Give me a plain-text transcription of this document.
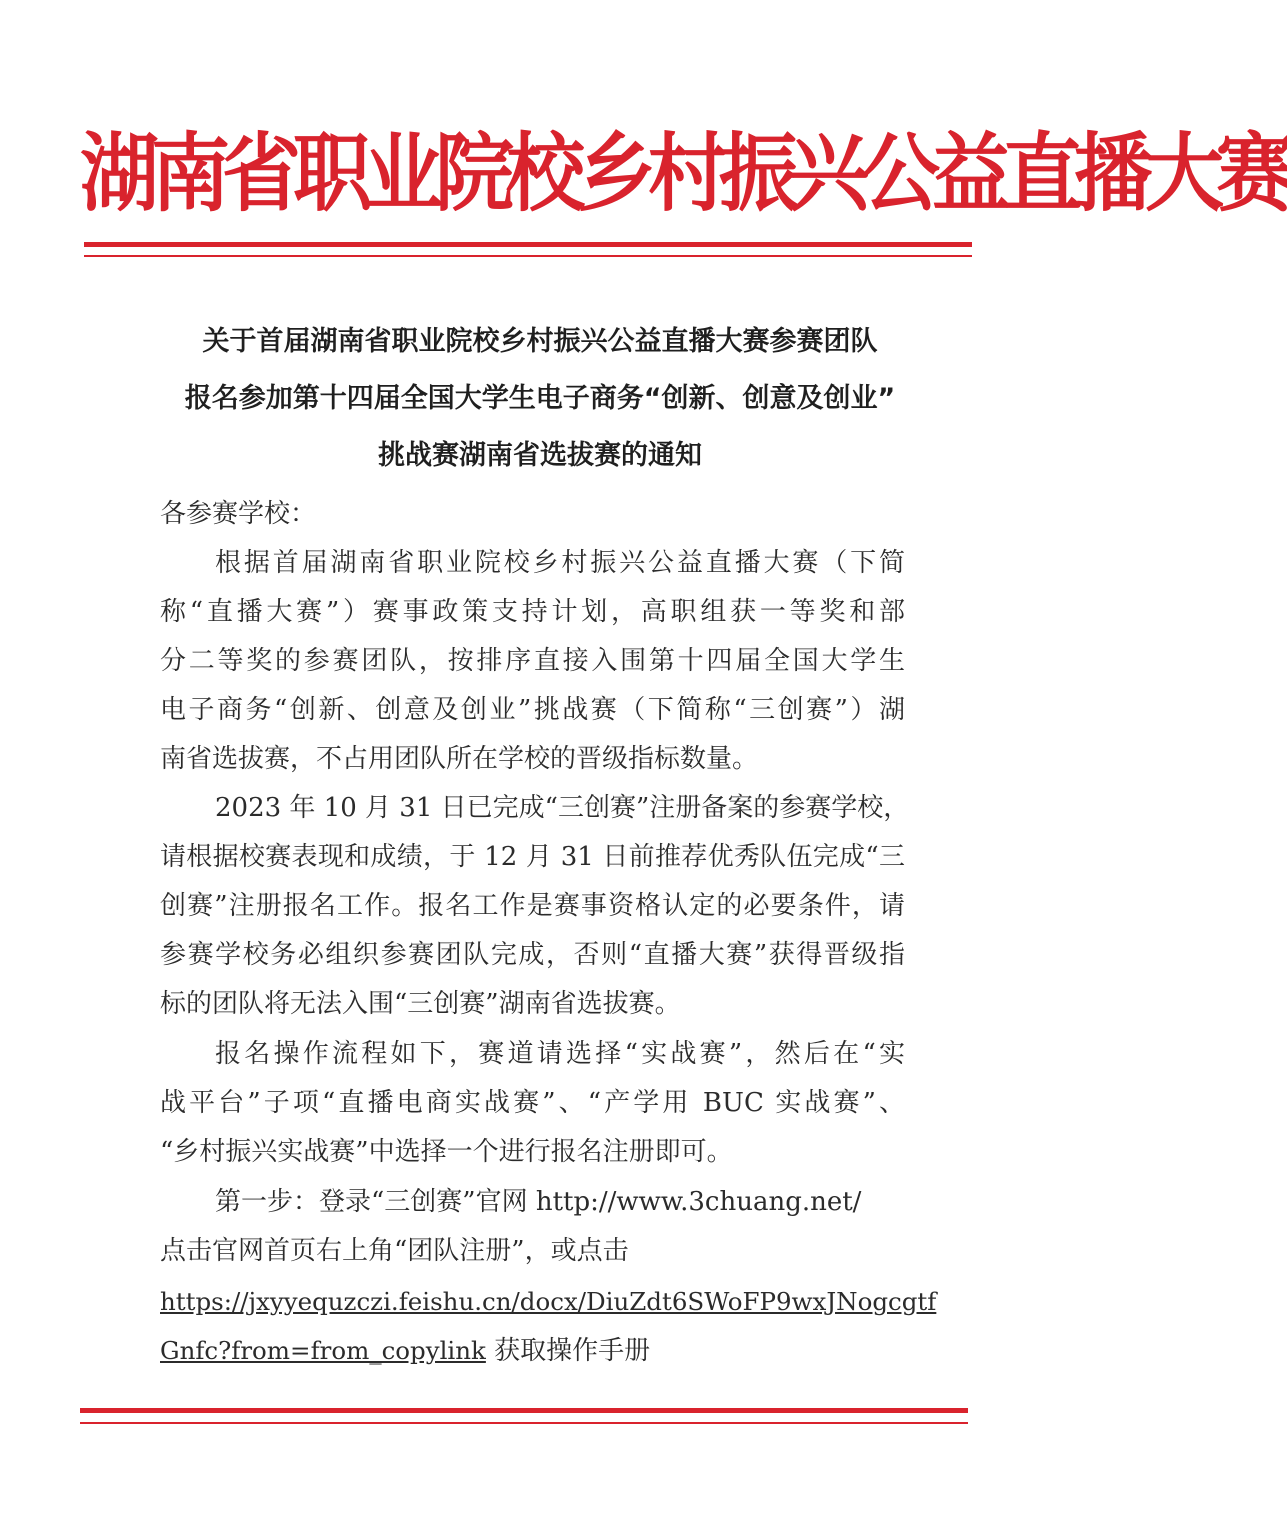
湖南省职业院校乡村振兴公益直播大赛
关于首届湖南省职业院校乡村振兴公益直播大赛参赛团队
报名参加第十四届全国大学生电子商务“创新、创意及创业”
挑战赛湖南省选拔赛的通知
各参赛学校：
根据首届湖南省职业院校乡村振兴公益直播大赛（下简
称“直播大赛”）赛事政策支持计划，高职组获一等奖和部
分二等奖的参赛团队，按排序直接入围第十四届全国大学生
电子商务“创新、创意及创业”挑战赛（下简称“三创赛”）湖
南省选拔赛，不占用团队所在学校的晋级指标数量。
2023 年 10 月 31 日已完成“三创赛”注册备案的参赛学校，
请根据校赛表现和成绩，于 12 月 31 日前推荐优秀队伍完成“三
创赛”注册报名工作。报名工作是赛事资格认定的必要条件，请
参赛学校务必组织参赛团队完成，否则“直播大赛”获得晋级指
标的团队将无法入围“三创赛”湖南省选拔赛。
报名操作流程如下，赛道请选择“实战赛”，然后在“实
战平台”子项“直播电商实战赛”、“产学用 BUC 实战赛”、
“乡村振兴实战赛”中选择一个进行报名注册即可。
第一步：登录“三创赛”官网 http://www.3chuang.net/
点击官网首页右上角“团队注册”，或点击
https://jxyyequzczi.feishu.cn/docx/DiuZdt6SWoFP9wxJNogcgtf
Gnfc?from=from_copylink 获取操作手册
